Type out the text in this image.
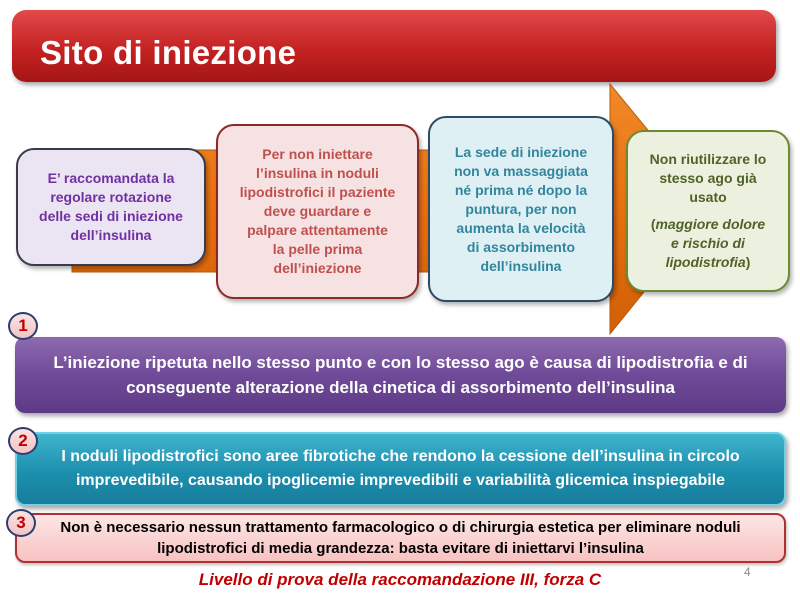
Sito di iniezione
E’ raccomandata la
regolare rotazione
delle sedi di iniezione
dell’insulina
Per non iniettare
l’insulina in noduli
lipodistrofici il paziente
deve guardare e
palpare attentamente
la pelle prima
dell’iniezione
La sede di iniezione
non va massaggiata
né prima né dopo la
puntura, per non
aumenta la velocità
di assorbimento
dell’insulina
Non riutilizzare lo
stesso ago già
usato
(maggiore dolore
e rischio di
lipodistrofia)
L’iniezione ripetuta nello stesso punto e con lo stesso ago è causa di lipodistrofia e di conseguente alterazione della cinetica di assorbimento dell’insulina
1
I noduli lipodistrofici sono aree fibrotiche che rendono la cessione dell’insulina in circolo imprevedibile, causando ipoglicemie imprevedibili e variabilità glicemica inspiegabile
2
Non è necessario nessun trattamento farmacologico o di chirurgia estetica per eliminare noduli lipodistrofici di media grandezza: basta evitare di iniettarvi l’insulina
3
Livello di prova della raccomandazione III, forza C	4
